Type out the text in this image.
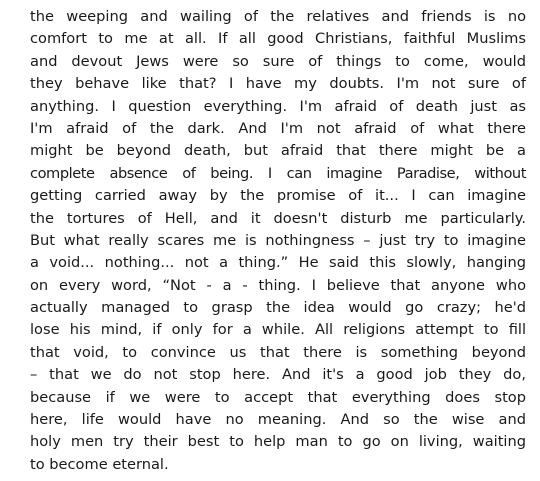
the weeping and wailing of the relatives and friends is no
comfort to me at all. If all good Christians, faithful Muslims
and devout Jews were so sure of things to come, would
they behave like that? I have my doubts. I'm not sure of
anything. I question everything. I'm afraid of death just as
I'm afraid of the dark. And I'm not afraid of what there
might be beyond death, but afraid that there might be a
complete absence of being. I can imagine Paradise, without
getting carried away by the promise of it... I can imagine
the tortures of Hell, and it doesn't disturb me particularly.
But what really scares me is nothingness – just try to imagine
a void... nothing... not a thing.” He said this slowly, hanging
on every word, “Not - a - thing. I believe that anyone who
actually managed to grasp the idea would go crazy; he'd
lose his mind, if only for a while. All religions attempt to fill
that void, to convince us that there is something beyond
– that we do not stop here. And it's a good job they do,
because if we were to accept that everything does stop
here, life would have no meaning. And so the wise and
holy men try their best to help man to go on living, waiting
to become eternal.
